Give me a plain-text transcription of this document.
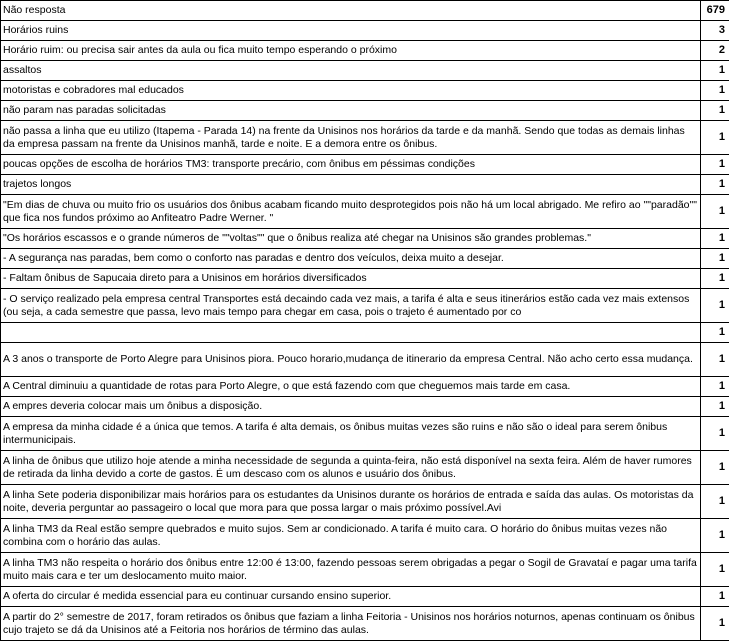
Não resposta	679
Horários ruins	3
Horário ruim: ou precisa sair antes da aula ou fica muito tempo esperando o próximo	2
assaltos	1
motoristas e cobradores mal educados	1
não param nas paradas solicitadas	1
não passa a linha que eu utilizo (Itapema - Parada 14) na frente da Unisinos nos horários da tarde e da manhã. Sendo que todas as demais linhas da empresa passam na frente da Unisinos manhã, tarde e noite. E a demora entre os ônibus.	1
poucas opções de escolha de horários TM3: transporte precário, com ônibus em péssimas condições	1
trajetos longos	1
"Em dias de chuva ou muito frio os usuários dos ônibus acabam ficando muito desprotegidos pois não há um local abrigado. Me refiro ao ""paradão"" que fica nos fundos próximo ao Anfiteatro Padre Werner. "	1
"Os horários escassos e o grande números de ""voltas"" que o ônibus realiza até chegar na Unisinos são grandes problemas."	1
- A segurança nas paradas, bem como o conforto nas paradas e dentro dos veículos, deixa muito a desejar.	1
- Faltam ônibus de Sapucaia direto para a Unisinos em horários diversificados	1
- O serviço realizado pela empresa central Transportes está decaindo cada vez mais, a tarifa é alta e seus itinerários estão cada vez mais extensos (ou seja, a cada semestre que passa, levo mais tempo para chegar em casa, pois o trajeto é aumentado por co	1
	1
A 3 anos o transporte de Porto Alegre para Unisinos piora. Pouco horario,mudança de itinerario da empresa Central. Não acho certo essa mudança.	1
A Central diminuiu a quantidade de rotas para Porto Alegre, o que está fazendo com que cheguemos mais tarde em casa.	1
A empres deveria colocar mais um ônibus a disposição.	1
A empresa da minha cidade é a única que temos. A tarifa é alta demais, os ônibus muitas vezes são ruins e não são o ideal para serem ônibus intermunicipais.	1
A linha de ônibus que utilizo hoje atende a minha necessidade de segunda a quinta-feira, não está disponível na sexta feira. Além de haver rumores de retirada da linha devido a corte de gastos. É um descaso com os alunos e usuário dos ônibus.	1
A linha Sete poderia disponibilizar mais horários para os estudantes da Unisinos durante os horários de entrada e saída das aulas. Os motoristas da noite, deveria perguntar ao passageiro o local que mora para que possa largar o mais próximo possível.Avi	1
A linha TM3 da Real estão sempre quebrados e muito sujos. Sem ar condicionado. A tarifa é muito cara. O horário do ônibus muitas vezes não combina com o horário das aulas.	1
A linha TM3 não respeita o horário dos ônibus entre 12:00 é 13:00, fazendo pessoas serem obrigadas a pegar o Sogil de Gravataí e pagar uma tarifa muito mais cara e ter um deslocamento muito maior.	1
A oferta do circular é medida essencial para eu continuar cursando ensino superior.	1
A partir do 2° semestre de 2017, foram retirados os ônibus que faziam a linha Feitoria - Unisinos nos horários noturnos, apenas continuam os ônibus cujo trajeto se dá da Unisinos até a Feitoria nos horários de término das aulas.	1
